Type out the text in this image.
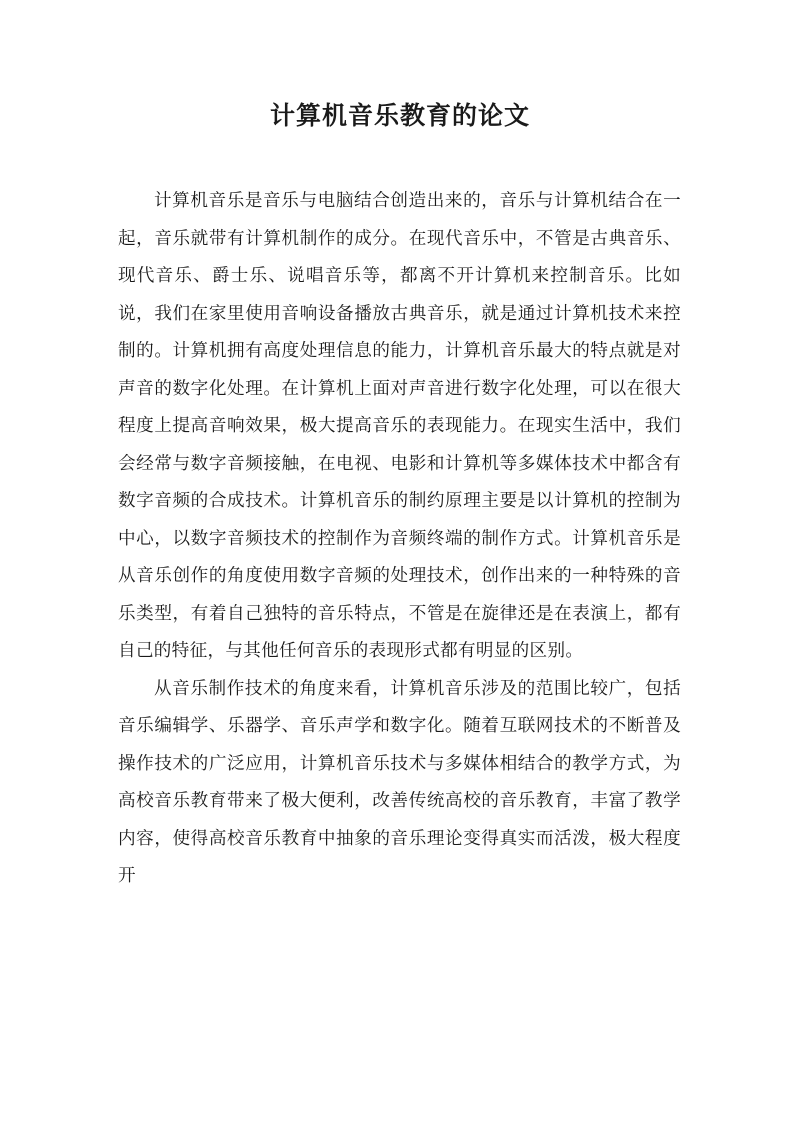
计算机音乐教育的论文

计算机音乐是音乐与电脑结合创造出来的，音乐与计算机结合在一起，音乐就带有计算机制作的成分。在现代音乐中，不管是古典音乐、现代音乐、爵士乐、说唱音乐等，都离不开计算机来控制音乐。比如说，我们在家里使用音响设备播放古典音乐，就是通过计算机技术来控制的。计算机拥有高度处理信息的能力，计算机音乐最大的特点就是对声音的数字化处理。在计算机上面对声音进行数字化处理，可以在很大程度上提高音响效果，极大提高音乐的表现能力。在现实生活中，我们会经常与数字音频接触，在电视、电影和计算机等多媒体技术中都含有数字音频的合成技术。计算机音乐的制约原理主要是以计算机的控制为中心，以数字音频技术的控制作为音频终端的制作方式。计算机音乐是从音乐创作的角度使用数字音频的处理技术，创作出来的一种特殊的音乐类型，有着自己独特的音乐特点，不管是在旋律还是在表演上，都有自己的特征，与其他任何音乐的表现形式都有明显的区别。

从音乐制作技术的角度来看，计算机音乐涉及的范围比较广，包括音乐编辑学、乐器学、音乐声学和数字化。随着互联网技术的不断普及操作技术的广泛应用，计算机音乐技术与多媒体相结合的教学方式，为高校音乐教育带来了极大便利，改善传统高校的音乐教育，丰富了教学内容，使得高校音乐教育中抽象的音乐理论变得真实而活泼，极大程度开
